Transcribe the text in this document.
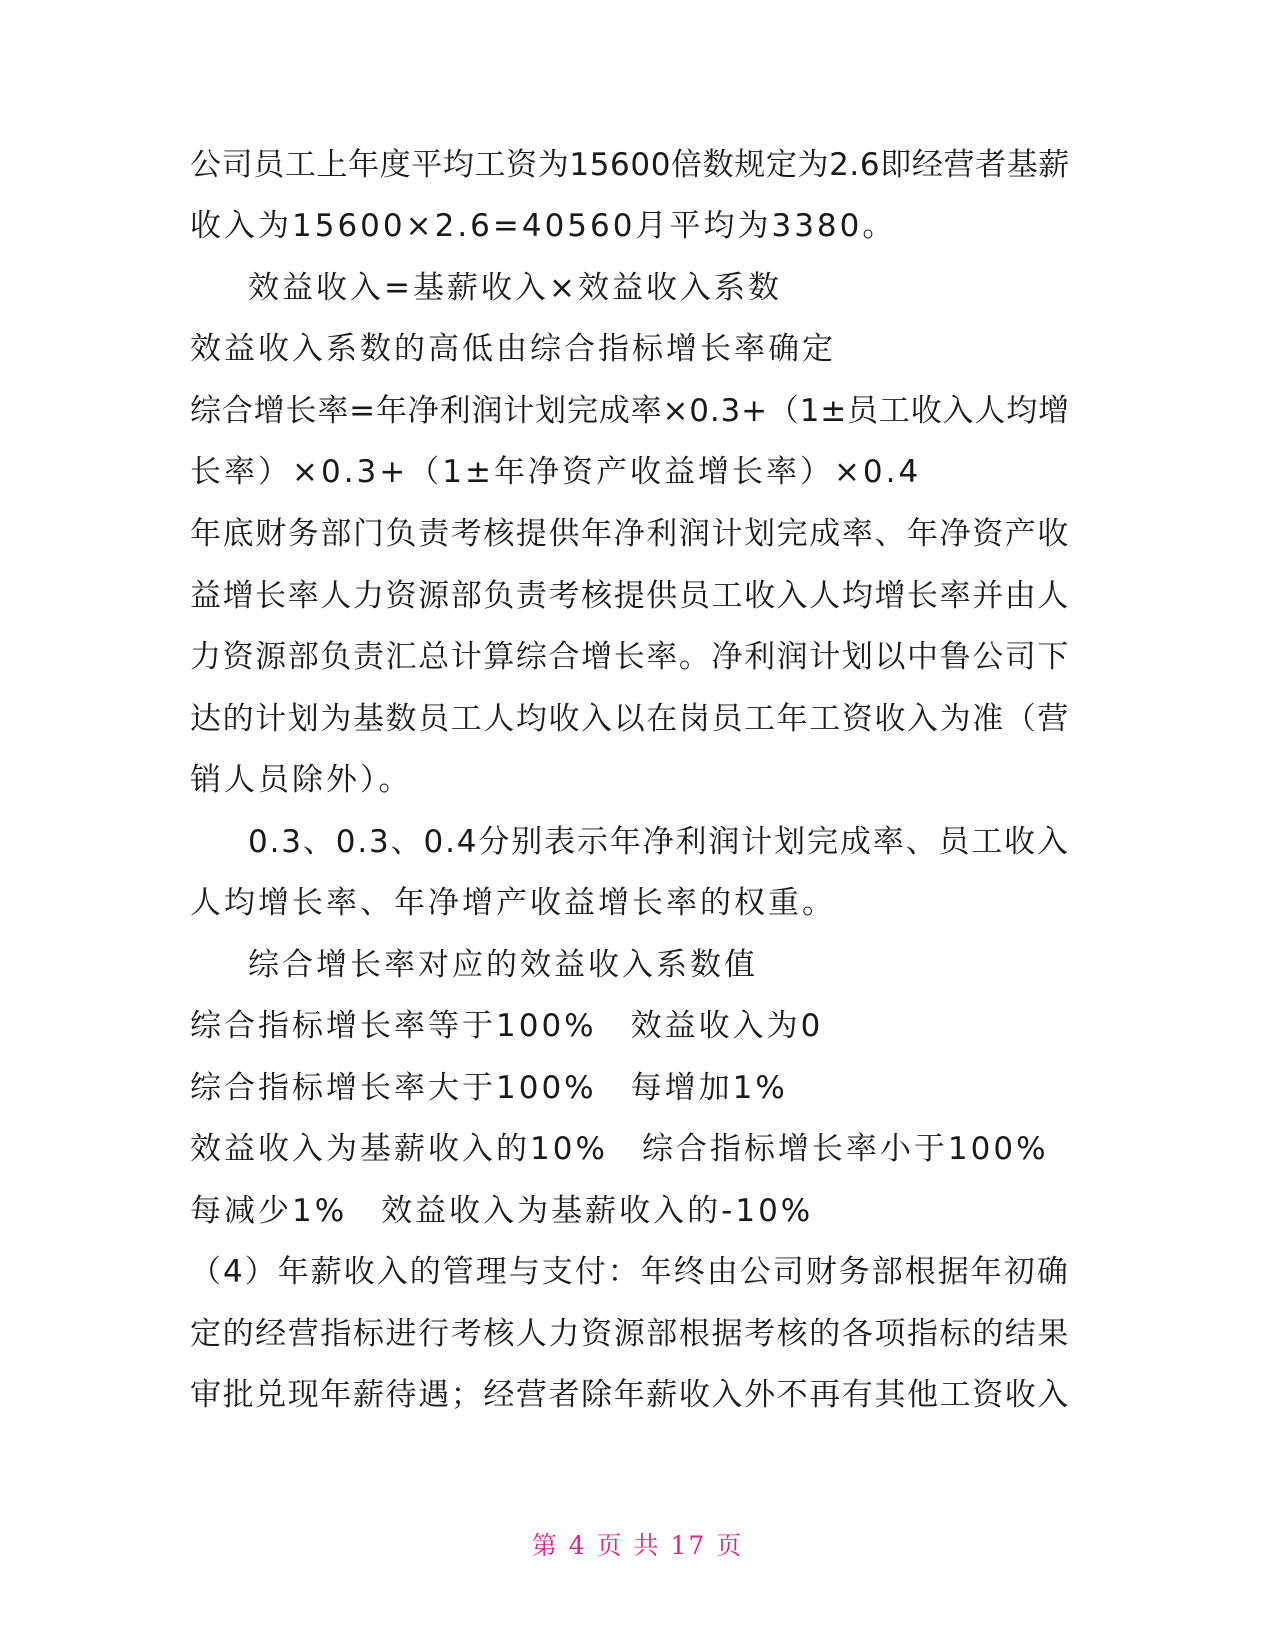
公司员工上年度平均工资为15600倍数规定为2.6即经营者基薪
收入为15600×2.6=40560月平均为3380。
效益收入=基薪收入×效益收入系数
效益收入系数的高低由综合指标增长率确定
综合增长率=年净利润计划完成率×0.3+（1±员工收入人均增
长率）×0.3+（1±年净资产收益增长率）×0.4
年底财务部门负责考核提供年净利润计划完成率、年净资产收
益增长率人力资源部负责考核提供员工收入人均增长率并由人
力资源部负责汇总计算综合增长率。净利润计划以中鲁公司下
达的计划为基数员工人均收入以在岗员工年工资收入为准（营
销人员除外）。
0.3、0.3、0.4分别表示年净利润计划完成率、员工收入
人均增长率、年净增产收益增长率的权重。
综合增长率对应的效益收入系数值
综合指标增长率等于100%　效益收入为0
综合指标增长率大于100%　每增加1%
效益收入为基薪收入的10%　综合指标增长率小于100%
每减少1%　效益收入为基薪收入的-10%
（4）年薪收入的管理与支付：年终由公司财务部根据年初确
定的经营指标进行考核人力资源部根据考核的各项指标的结果
审批兑现年薪待遇；经营者除年薪收入外不再有其他工资收入
第 4 页 共 17 页
